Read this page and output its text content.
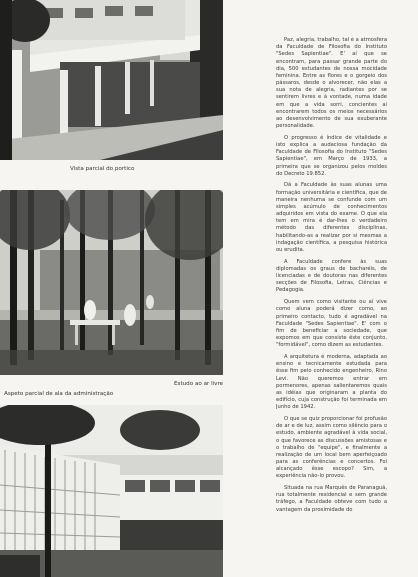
Vista parcial do portico
Estudo ao ar livre
Aspeto parcial de ala da administração

Paz, alegria, trabalho, tal é a atmosfera da Faculdade de Filosofia do Instituto "Sedes Sapientiae". E' aí que se encontram, para passar grande parte do dia, 500 estudantes de nossa mocidade feminina. Entre as flores e o gorgeio dos pássaros, desde o alvorecer, não elas a sua nota de alegria, radiantes por se sentirem livres e à vontade, numa idade em que a vida sorri, concientes ai encontrarem todos os meios necessários ao desenvolvimento de sua exuberante personalidade.

O progresso é índice de vitalidade e isto explica a audaciosa fundação da Faculdade de Filosofia do Instituto "Sedes Sapientiae", em Março de 1933, a primeira que se organizou pelos moldes do Decreto 19.852.

Dá a Faculdade às suas alunas uma formação universitária e científica, que de maneira nenhuma se confunde com um simples acúmulo de conhecimentos adquiridos em vista do exame. O que ela tem em mira é dar-lhes o verdadeiro método das diferentes disciplinas, habilitando-as a realizar por si mesmas a indagação científica, a pesquisa histórica ou erudita.

A Faculdade confere às suas diplomadas os graus de bacharéis, de licenciadas e de doutoras nas diferentes secções de Filosofia, Letras, Ciências e Pedagogia.

Quem vem como visitante ou aí vive como aluna poderá dizer como, ao primeiro contacto, tudo é agradável na Faculdade "Sedes Sapientiae". E' com o fim de beneficiar a sociedade, que expomos em que consiste êste conjunto, "formidável", como dizem as estudantes.

A arquitetura é moderna, adaptada ao ensino e tecnicamente estudada para êsse fim pelo conhecido engenheiro, Rino Levi. Não queremos entrar em pormenores, apenas salientaremos quais as idéias que originaram a planta do edifício, cuja construção foi terminada em Junho de 1942.

O que se quiz proporcionar foi profusão de ar e de luz, assim como silêncio para o estudo, ambiente agradável à vida social, o que favorece as discussões amistosas e o trabalho de "equipe", e finalmente a realização de um local bem aperfeiçoado para as conferências e concertos. Foi alcançado êsse escopo? Sim, a experiência não-lo provou.

Situada na rua Marquês de Paranaguá, rua totalmente residencial e sem grande tráfego, a Faculdade obteve com tudo a vantagem da proximidade do
